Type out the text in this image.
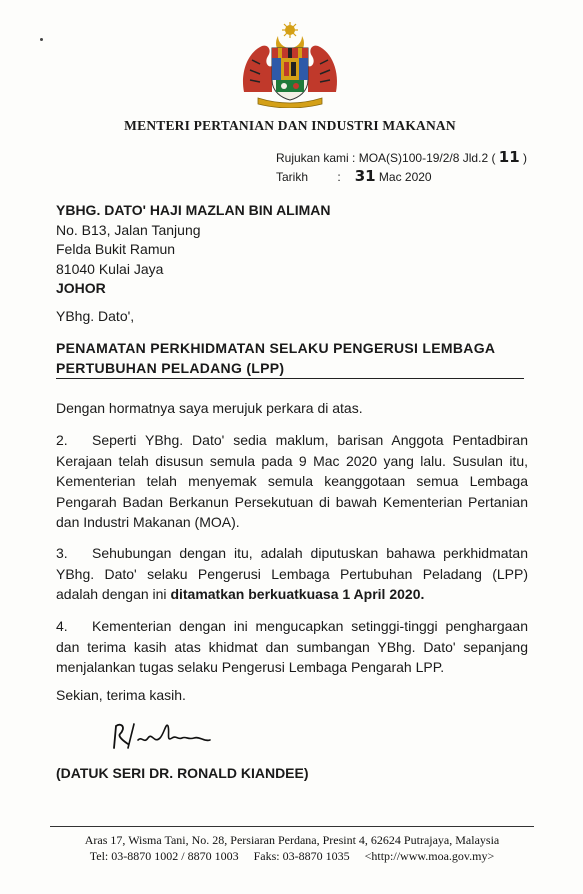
MENTERI PERTANIAN DAN INDUSTRI MAKANAN
Rujukan kami : MOA(S)100-19/2/8 Jld.2 ( 11 )
Tarikh : 31 Mac 2020
YBHG. DATO' HAJI MAZLAN BIN ALIMAN
No. B13, Jalan Tanjung
Felda Bukit Ramun
81040 Kulai Jaya
JOHOR
YBhg. Dato',
PENAMATAN PERKHIDMATAN SELAKU PENGERUSI LEMBAGA PERTUBUHAN PELADANG (LPP)
Dengan hormatnya saya merujuk perkara di atas.
2. Seperti YBhg. Dato' sedia maklum, barisan Anggota Pentadbiran Kerajaan telah disusun semula pada 9 Mac 2020 yang lalu. Susulan itu, Kementerian telah menyemak semula keanggotaan semua Lembaga Pengarah Badan Berkanun Persekutuan di bawah Kementerian Pertanian dan Industri Makanan (MOA).
3. Sehubungan dengan itu, adalah diputuskan bahawa perkhidmatan YBhg. Dato' selaku Pengerusi Lembaga Pertubuhan Peladang (LPP) adalah dengan ini ditamatkan berkuatkuasa 1 April 2020.
4. Kementerian dengan ini mengucapkan setinggi-tinggi penghargaan dan terima kasih atas khidmat dan sumbangan YBhg. Dato' sepanjang menjalankan tugas selaku Pengerusi Lembaga Pengarah LPP.
Sekian, terima kasih.
(DATUK SERI DR. RONALD KIANDEE)
Aras 17, Wisma Tani, No. 28, Persiaran Perdana, Presint 4, 62624 Putrajaya, Malaysia
Tel: 03-8870 1002 / 8870 1003 Faks: 03-8870 1035 <http://www.moa.gov.my>
